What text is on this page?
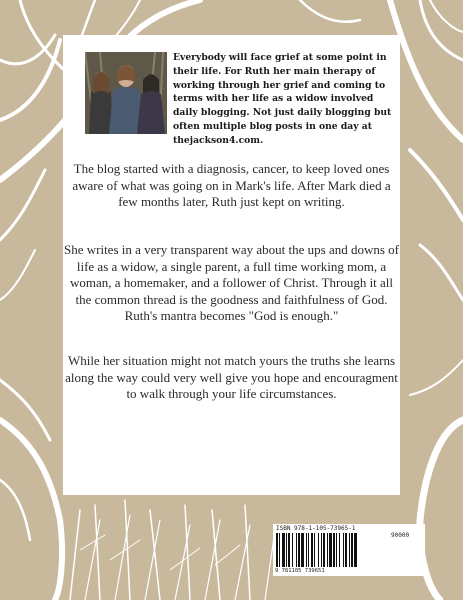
Everybody will face grief at some point in their life. For Ruth her main therapy of working through her grief and coming to terms with her life as a widow involved daily blogging. Not just daily blogging but often multiple blog posts in one day at thejackson4.com.

The blog started with a diagnosis, cancer, to keep loved ones aware of what was going on in Mark's life. After Mark died a few months later, Ruth just kept on writing.

She writes in a very transparent way about the ups and downs of life as a widow, a single parent, a full time working mom, a woman, a homemaker, and a follower of Christ. Through it all the common thread is the goodness and faithfulness of God. Ruth's mantra becomes "God is enough."

While her situation might not match yours the truths she learns along the way could very well give you hope and encouragment to walk through your life circumstances.

ISBN 978-1-105-73965-1
90000
9 781105 739651
